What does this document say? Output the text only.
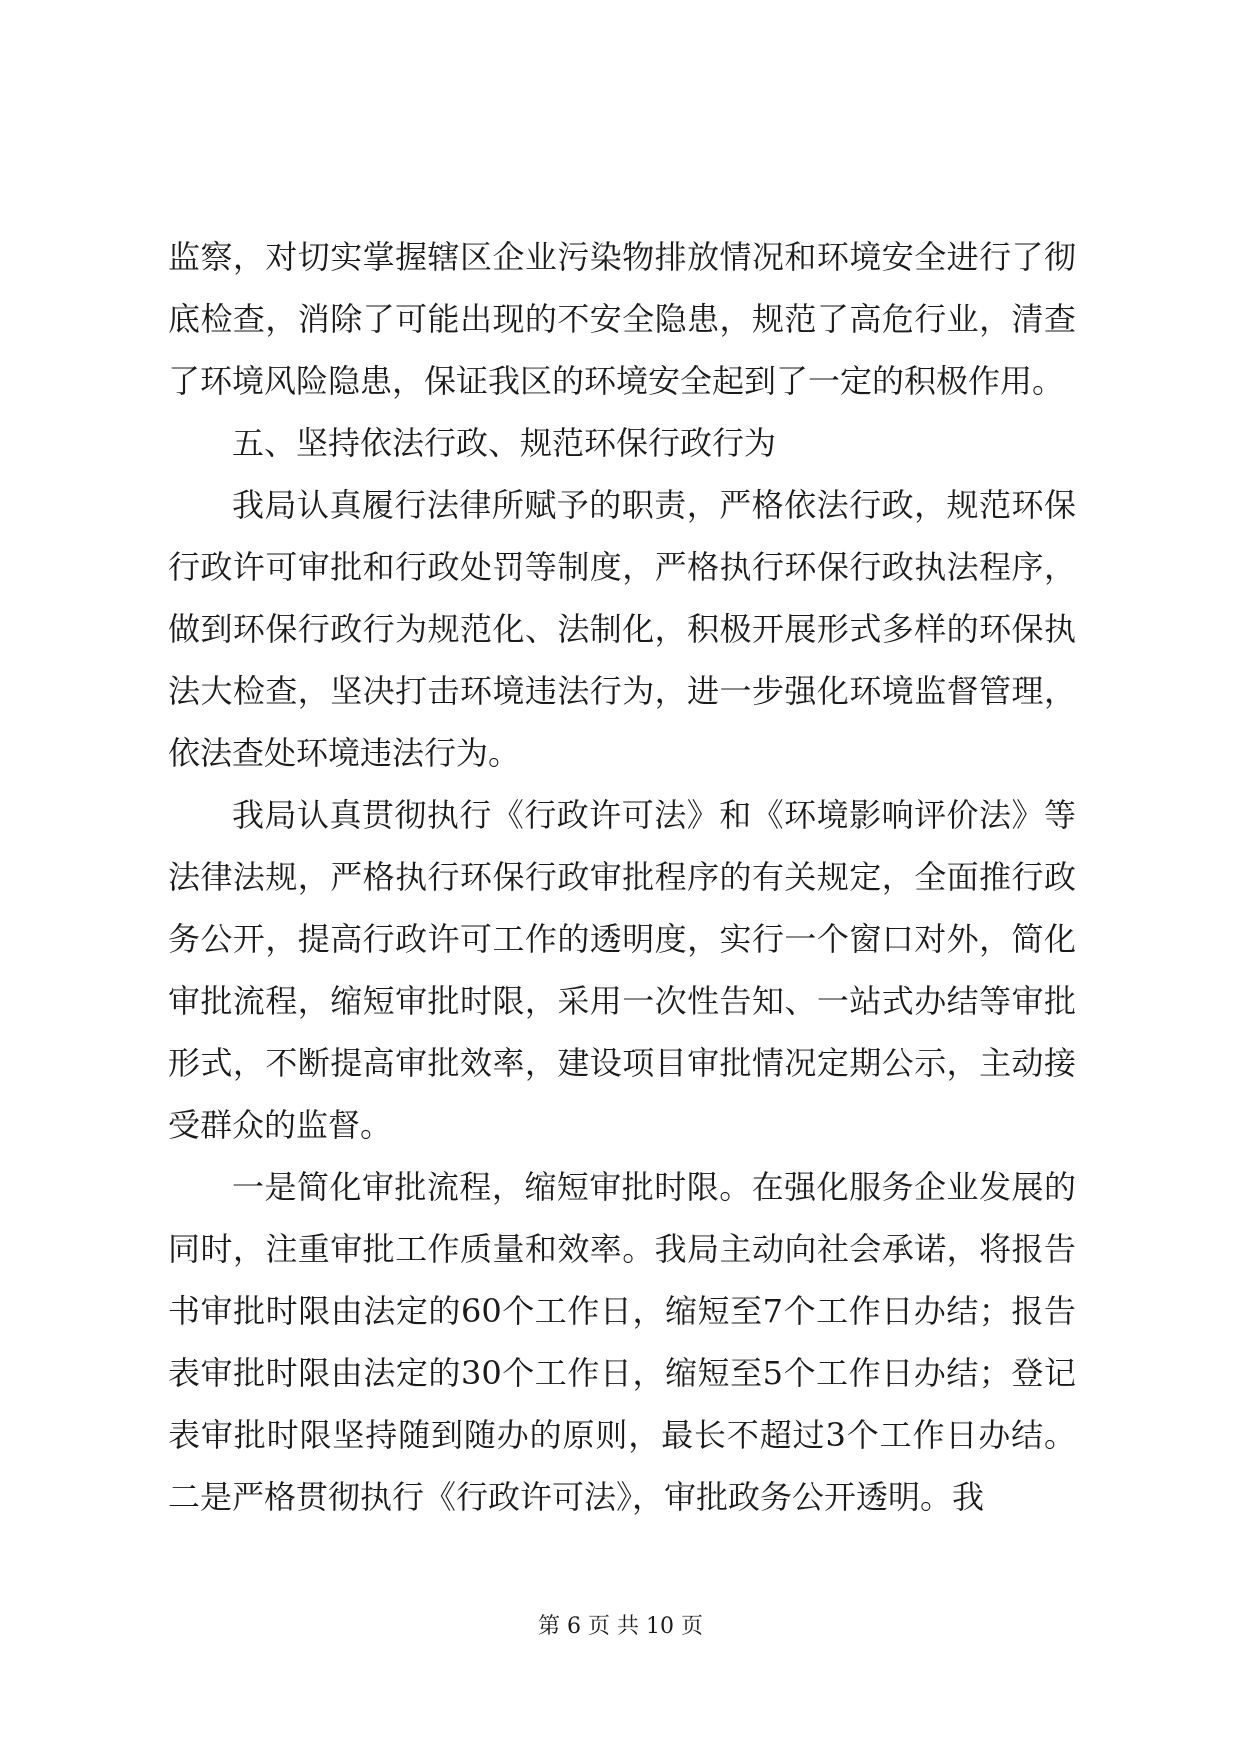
监察，对切实掌握辖区企业污染物排放情况和环境安全进行了彻底检查，消除了可能出现的不安全隐患，规范了高危行业，清查了环境风险隐患，保证我区的环境安全起到了一定的积极作用。

五、坚持依法行政、规范环保行政行为

我局认真履行法律所赋予的职责，严格依法行政，规范环保行政许可审批和行政处罚等制度，严格执行环保行政执法程序，做到环保行政行为规范化、法制化，积极开展形式多样的环保执法大检查，坚决打击环境违法行为，进一步强化环境监督管理，依法查处环境违法行为。

我局认真贯彻执行《行政许可法》和《环境影响评价法》等法律法规，严格执行环保行政审批程序的有关规定，全面推行政务公开，提高行政许可工作的透明度，实行一个窗口对外，简化审批流程，缩短审批时限，采用一次性告知、一站式办结等审批形式，不断提高审批效率，建设项目审批情况定期公示，主动接受群众的监督。

一是简化审批流程，缩短审批时限。在强化服务企业发展的同时，注重审批工作质量和效率。我局主动向社会承诺，将报告书审批时限由法定的60个工作日，缩短至7个工作日办结；报告表审批时限由法定的30个工作日，缩短至5个工作日办结；登记表审批时限坚持随到随办的原则，最长不超过3个工作日办结。二是严格贯彻执行《行政许可法》，审批政务公开透明。我

第 6 页 共 10 页
